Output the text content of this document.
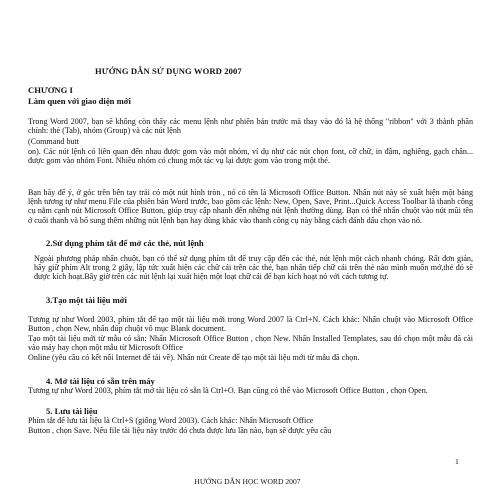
HƯỚNG DẪN SỬ DỤNG WORD 2007
CHƯƠNG I
Làm quen với giao diện mới
Trong Word 2007, bạn sẽ không còn thấy các menu lệnh như phiên bản trước mà thay vào đó là hệ thống "ribbon" với 3 thành phần chính: thẻ (Tab), nhóm (Group) và các nút lệnh
(Command butt
on). Các nút lệnh có liên quan đến nhau được gom vào một nhóm, ví dụ như các nút chọn font, cỡ chữ, in đậm, nghiêng, gạch chân... được gom vào nhóm Font. Nhiều nhóm có chung một tác vụ lại được gom vào trong một thẻ.
Bạn hãy để ý, ở góc trên bên tay trái có một nút hình tròn , nó có tên là Microsoft Office Button. Nhấn nút này sẽ xuất hiện một bảng lệnh tương tự như menu File của phiên bản Word trước, bao gồm các lệnh: New, Open, Save, Print...Quick Access Toolbar là thanh công cụ nằm cạnh nút Microsoft Office Button, giúp truy cập nhanh đến những nút lệnh thường dùng. Bạn có thể nhấn chuột vào nút mũi tên ở cuối thanh và bổ sung thêm những nút lệnh bạn hay dùng khác vào thanh công cụ này bằng cách đánh dấu chọn vào nó.
2.Sử dụng phím tắt để mở các thẻ, nút lệnh
Ngoài phương pháp nhấn chuột, bạn có thể sử dụng phím tắt để truy cập đến các thẻ, nút lệnh một cách nhanh chóng. Rất đơn giản, hãy giữ phím Alt trong 2 giây, lập tức xuất hiện các chữ cái trên các thẻ, bạn nhấn tiếp chữ cái trên thẻ nào mình muốn mở,thẻ đó sẽ được kích hoạt.Bây giờ trên các nút lệnh lại xuất hiện một loạt chữ cái để bạn kích hoạt nó với cách tương tự.
3.Tạo một tài liệu mới
Tương tự như Word 2003, phím tắt để tạo một tài liệu mới trong Word 2007 là Ctrl+N. Cách khác: Nhấn chuột vào Microsoft Office Button , chọn New, nhấn đúp chuột vô mục Blank document.
Tạo một tài liệu mới từ mẫu có sẵn: Nhấn Microsoft Office Button , chọn New. Nhấn Installed Templates, sau đó chọn một mẫu đã cài vào máy hay chọn một mẫu từ Microsoft Office
Online (yêu cầu có kết nối Internet để tải về). Nhấn nút Create để tạo một tài liệu mới từ mẫu đã chọn.
4. Mở tài liệu có sẵn trên máy
Tương tự như Word 2003, phím tắt mở tài liệu có sẵn là Ctrl+O. Bạn cũng có thể vào Microsoft Office Button , chọn Open.
5. Lưu tài liệu
Phím tắt để lưu tài liệu là Ctrl+S (giống Word 2003). Cách khác: Nhấn Microsoft Office
Button , chọn Save. Nếu file tài liệu này trước đó chưa được lưu lần nào, bạn sẽ được yêu cầu
1
HƯỚNG DẪN HỌC WORD 2007
